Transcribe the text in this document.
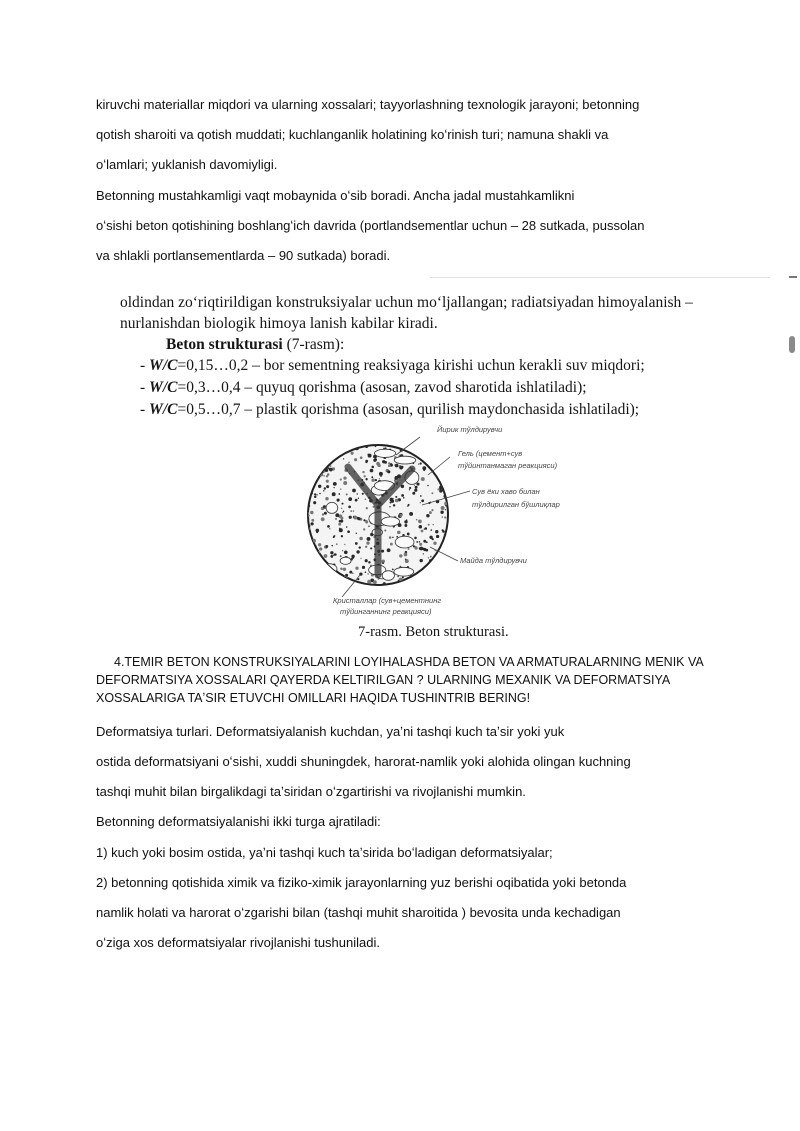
kiruvchi materiallar miqdori va ularning xossalari; tayyorlashning texnologik jarayoni; betonning
qotish sharoiti va qotish muddati; kuchlanganlik holatining koʻrinish turi; namuna shakli va
oʻlamlari; yuklanish davomiyligi.
Betonning mustahkamligi vaqt mobaynida oʻsib boradi. Ancha jadal mustahkamlikni
oʻsishi beton qotishining boshlangʻich davrida (portlandsementlar uchun – 28 sutkada, pussolan
va shlakli portlansementlarda – 90 sutkada) boradi.
oldindan zoʻriqtirildigan konstruksiyalar uchun moʻljallangan; radiatsiyadan himoyalanish –
nurlanishdan biologik himoya lanish kabilar kiradi.
Beton strukturasi (7-rasm):
- W/C=0,15…0,2 – bor sementning reaksiyaga kirishi uchun kerakli suv miqdori;
- W/C=0,3…0,4 – quyuq qorishma (asosan, zavod sharotida ishlatiladi);
- W/C=0,5…0,7 – plastik qorishma (asosan, qurilish maydonchasida ishlatiladi);
Йирик тўлдирувчи
Гель (цемент+сув
тўйинтанмаган реакцияси)
Сув ёки хаво билан
тўлдирилган бўшлиқлар
Майда тўлдирувчи
Кристаллар (сув+цементнинг
тўйинганнинг реакцияси)
7-rasm. Beton strukturasi.
4.TEMIR BETON KONSTRUKSIYALARINI LOYIHALASHDA BETON VA ARMATURALARNING MENIK VA
DEFORMATSIYA XOSSALARI QAYERDA KELTIRILGAN ? ULARNING MEXANIK VA DEFORMATSIYA
XOSSALARIGA TAʼSIR ETUVCHI OMILLARI HAQIDA TUSHINTRIB BERING!
Deformatsiya turlari. Deformatsiyalanish kuchdan, yaʼni tashqi kuch taʼsir yoki yuk
ostida deformatsiyani oʻsishi, xuddi shuningdek, harorat-namlik yoki alohida olingan kuchning
tashqi muhit bilan birgalikdagi taʼsiridan oʻzgartirishi va rivojlanishi mumkin.
Betonning deformatsiyalanishi ikki turga ajratiladi:
1) kuch yoki bosim ostida, yaʼni tashqi kuch taʼsirida boʻladigan deformatsiyalar;
2) betonning qotishida ximik va fiziko-ximik jarayonlarning yuz berishi oqibatida yoki betonda
namlik holati va harorat oʻzgarishi bilan (tashqi muhit sharoitida ) bevosita unda kechadigan
oʻziga xos deformatsiyalar rivojlanishi tushuniladi.
